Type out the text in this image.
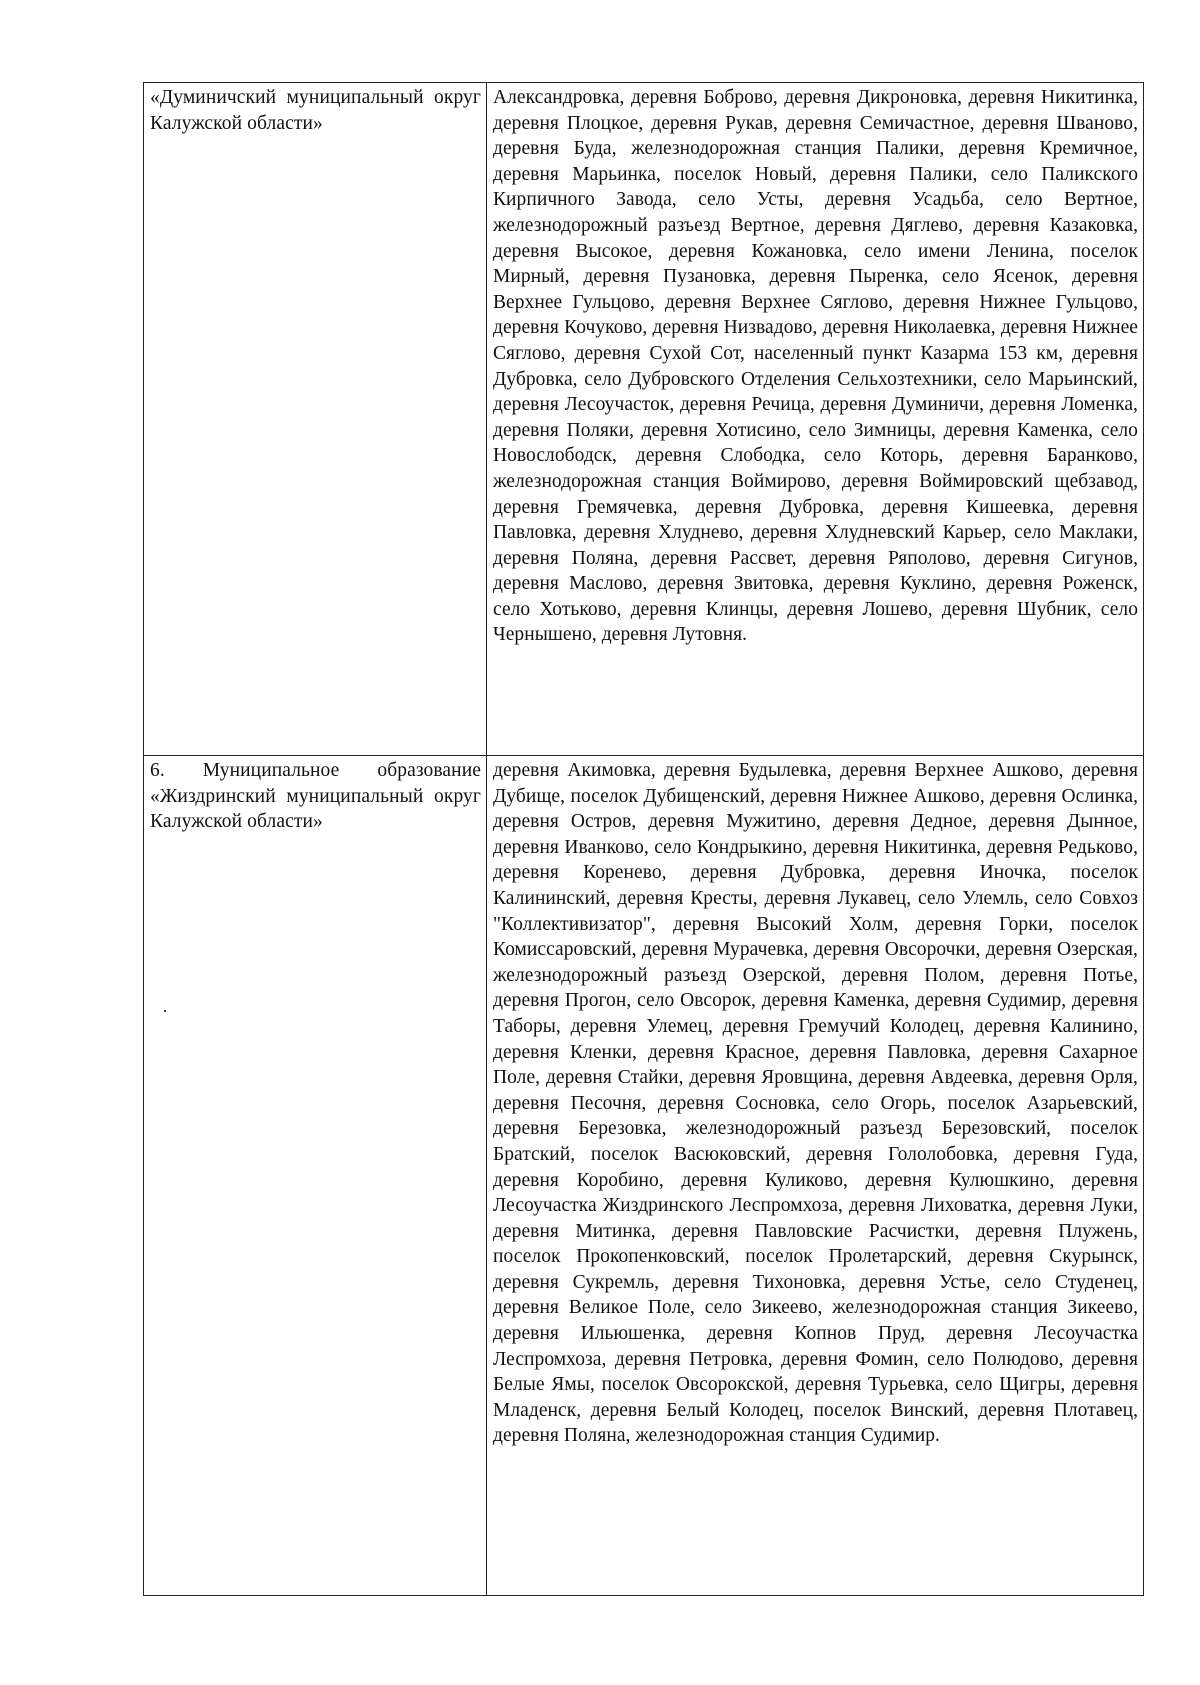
«Думиничский муниципальный округ Калужской области»	Александровка, деревня Боброво, деревня Дикроновка, деревня Никитинка, деревня Плоцкое, деревня Рукав, деревня Семичастное, деревня Шваново, деревня Буда, железнодорожная станция Палики, деревня Кремичное, деревня Марьинка, поселок Новый, деревня Палики, село Паликского Кирпичного Завода, село Усты, деревня Усадьба, село Вертное, железнодорожный разъезд Вертное, деревня Дяглево, деревня Казаковка, деревня Высокое, деревня Кожановка, село имени Ленина, поселок Мирный, деревня Пузановка, деревня Пыренка, село Ясенок, деревня Верхнее Гульцово, деревня Верхнее Сяглово, деревня Нижнее Гульцово, деревня Кочуково, деревня Низвадово, деревня Николаевка, деревня Нижнее Сяглово, деревня Сухой Сот, населенный пункт Казарма 153 км, деревня Дубровка, село Дубровского Отделения Сельхозтехники, село Марьинский, деревня Лесоучасток, деревня Речица, деревня Думиничи, деревня Ломенка, деревня Поляки, деревня Хотисино, село Зимницы, деревня Каменка, село Новослободск, деревня Слободка, село Которь, деревня Баранково, железнодорожная станция Воймирово, деревня Воймировский щебзавод, деревня Гремячевка, деревня Дубровка, деревня Кишеевка, деревня Павловка, деревня Хлуднево, деревня Хлудневский Карьер, село Маклаки, деревня Поляна, деревня Рассвет, деревня Ряполово, деревня Сигунов, деревня Маслово, деревня Звитовка, деревня Куклино, деревня Роженск, село Хотьково, деревня Клинцы, деревня Лошево, деревня Шубник, село Чернышено, деревня Лутовня.
6. Муниципальное образование «Жиздринский муниципальный округ Калужской области»	деревня Акимовка, деревня Будылевка, деревня Верхнее Ашково, деревня Дубище, поселок Дубищенский, деревня Нижнее Ашково, деревня Ослинка, деревня Остров, деревня Мужитино, деревня Дедное, деревня Дынное, деревня Иванково, село Кондрыкино, деревня Никитинка, деревня Редьково, деревня Коренево, деревня Дубровка, деревня Иночка, поселок Калининский, деревня Кресты, деревня Лукавец, село Улемль, село Совхоз "Коллективизатор", деревня Высокий Холм, деревня Горки, поселок Комиссаровский, деревня Мурачевка, деревня Овсорочки, деревня Озерская, железнодорожный разъезд Озерской, деревня Полом, деревня Потье, деревня Прогон, село Овсорок, деревня Каменка, деревня Судимир, деревня Таборы, деревня Улемец, деревня Гремучий Колодец, деревня Калинино, деревня Кленки, деревня Красное, деревня Павловка, деревня Сахарное Поле, деревня Стайки, деревня Яровщина, деревня Авдеевка, деревня Орля, деревня Песочня, деревня Сосновка, село Огорь, поселок Азарьевский, деревня Березовка, железнодорожный разъезд Березовский, поселок Братский, поселок Васюковский, деревня Гололобовка, деревня Гуда, деревня Коробино, деревня Куликово, деревня Кулюшкино, деревня Лесоучастка Жиздринского Леспромхоза, деревня Лиховатка, деревня Луки, деревня Митинка, деревня Павловские Расчистки, деревня Плужень, поселок Прокопенковский, поселок Пролетарский, деревня Скурынск, деревня Сукремль, деревня Тихоновка, деревня Устье, село Студенец, деревня Великое Поле, село Зикеево, железнодорожная станция Зикеево, деревня Ильюшенка, деревня Копнов Пруд, деревня Лесоучастка Леспромхоза, деревня Петровка, деревня Фомин, село Полюдово, деревня Белые Ямы, поселок Овсорокской, деревня Турьевка, село Щигры, деревня Младенск, деревня Белый Колодец, поселок Винский, деревня Плотавец, деревня Поляна, железнодорожная станция Судимир.
